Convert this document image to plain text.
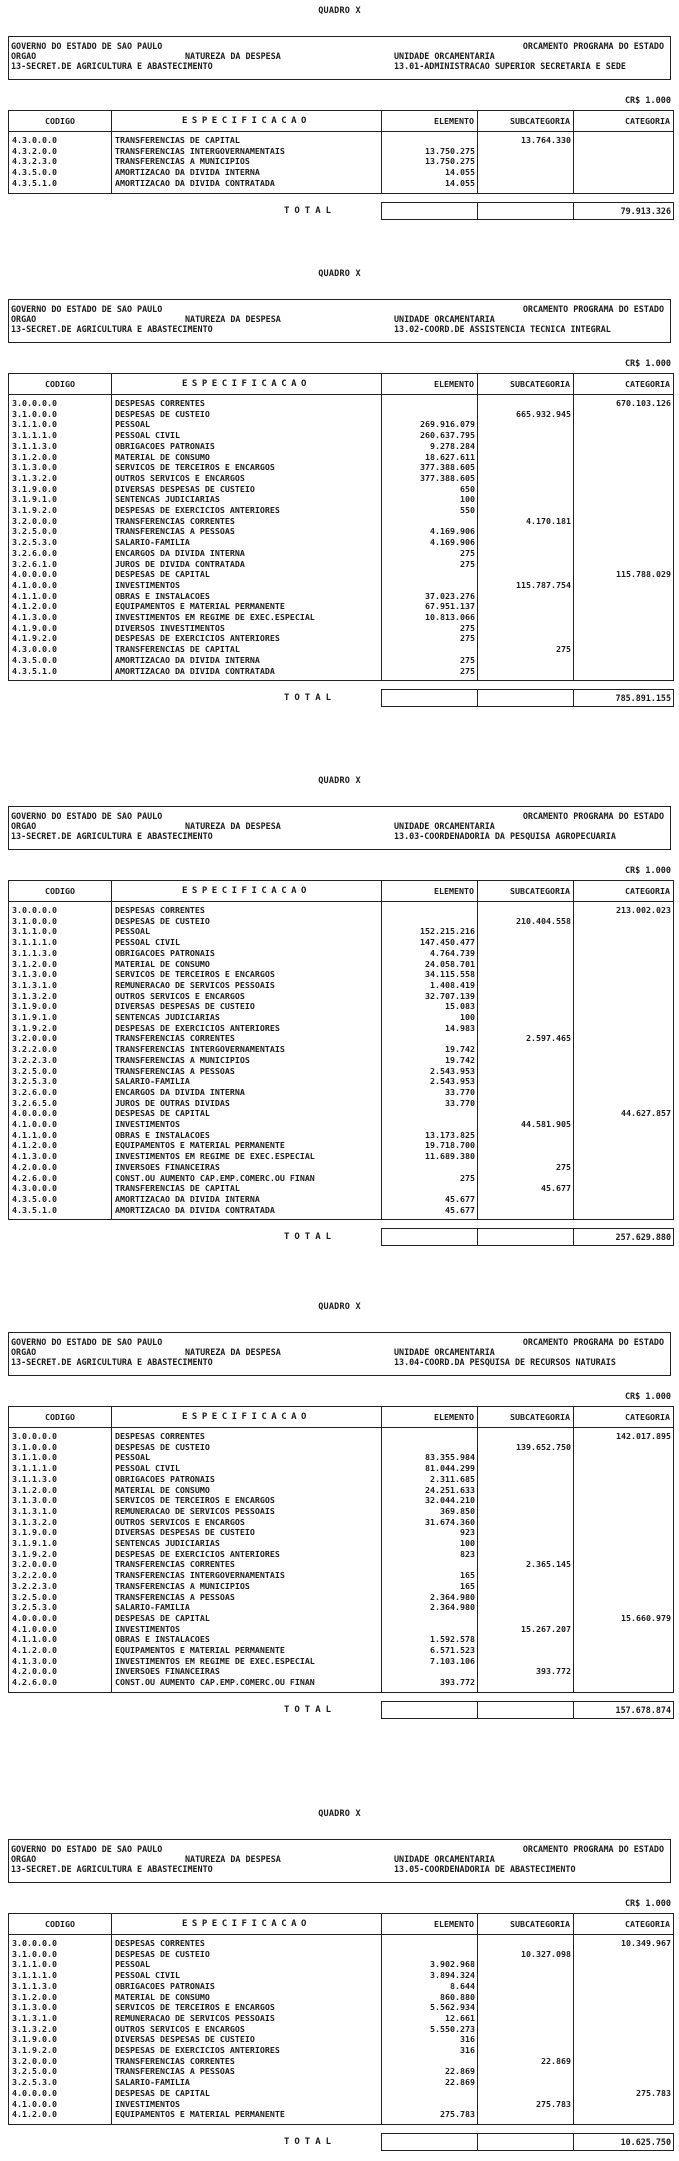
QUADRO X
GOVERNO DO ESTADO DE SAO PAULO	ORCAMENTO PROGRAMA DO ESTADO
ORGAO	NATUREZA DA DESPESA	UNIDADE ORCAMENTARIA
13-SECRET.DE AGRICULTURA E ABASTECIMENTO	13.01-ADMINISTRACAO SUPERIOR SECRETARIA E SEDE
CR$ 1.000
CODIGO	ESPECIFICACAO	ELEMENTO	SUBCATEGORIA	CATEGORIA
4.3.0.0.0	TRANSFERENCIAS DE CAPITAL		13.764.330	
4.3.2.0.0	TRANSFERENCIAS INTERGOVERNAMENTAIS	13.750.275		
4.3.2.3.0	TRANSFERENCIAS A MUNICIPIOS	13.750.275		
4.3.5.0.0	AMORTIZACAO DA DIVIDA INTERNA	14.055		
4.3.5.1.0	AMORTIZACAO DA DIVIDA CONTRATADA	14.055		
TOTAL
			79.913.326
QUADRO X
GOVERNO DO ESTADO DE SAO PAULO	ORCAMENTO PROGRAMA DO ESTADO
ORGAO	NATUREZA DA DESPESA	UNIDADE ORCAMENTARIA
13-SECRET.DE AGRICULTURA E ABASTECIMENTO	13.02-COORD.DE ASSISTENCIA TECNICA INTEGRAL
CR$ 1.000
CODIGO	ESPECIFICACAO	ELEMENTO	SUBCATEGORIA	CATEGORIA
3.0.0.0.0	DESPESAS CORRENTES			670.103.126
3.1.0.0.0	DESPESAS DE CUSTEIO		665.932.945	
3.1.1.0.0	PESSOAL	269.916.079		
3.1.1.1.0	PESSOAL CIVIL	260.637.795		
3.1.1.3.0	OBRIGACOES PATRONAIS	9.278.284		
3.1.2.0.0	MATERIAL DE CONSUMO	18.627.611		
3.1.3.0.0	SERVICOS DE TERCEIROS E ENCARGOS	377.388.605		
3.1.3.2.0	OUTROS SERVICOS E ENCARGOS	377.388.605		
3.1.9.0.0	DIVERSAS DESPESAS DE CUSTEIO	650		
3.1.9.1.0	SENTENCAS JUDICIARIAS	100		
3.1.9.2.0	DESPESAS DE EXERCICIOS ANTERIORES	550		
3.2.0.0.0	TRANSFERENCIAS CORRENTES		4.170.181	
3.2.5.0.0	TRANSFERENCIAS A PESSOAS	4.169.906		
3.2.5.3.0	SALARIO-FAMILIA	4.169.906		
3.2.6.0.0	ENCARGOS DA DIVIDA INTERNA	275		
3.2.6.1.0	JUROS DE DIVIDA CONTRATADA	275		
4.0.0.0.0	DESPESAS DE CAPITAL			115.788.029
4.1.0.0.0	INVESTIMENTOS		115.787.754	
4.1.1.0.0	OBRAS E INSTALACOES	37.023.276		
4.1.2.0.0	EQUIPAMENTOS E MATERIAL PERMANENTE	67.951.137		
4.1.3.0.0	INVESTIMENTOS EM REGIME DE EXEC.ESPECIAL	10.813.066		
4.1.9.0.0	DIVERSOS INVESTIMENTOS	275		
4.1.9.2.0	DESPESAS DE EXERCICIOS ANTERIORES	275		
4.3.0.0.0	TRANSFERENCIAS DE CAPITAL		275	
4.3.5.0.0	AMORTIZACAO DA DIVIDA INTERNA	275		
4.3.5.1.0	AMORTIZACAO DA DIVIDA CONTRATADA	275		
TOTAL
			785.891.155
QUADRO X
GOVERNO DO ESTADO DE SAO PAULO	ORCAMENTO PROGRAMA DO ESTADO
ORGAO	NATUREZA DA DESPESA	UNIDADE ORCAMENTARIA
13-SECRET.DE AGRICULTURA E ABASTECIMENTO	13.03-COORDENADORIA DA PESQUISA AGROPECUARIA
CR$ 1.000
CODIGO	ESPECIFICACAO	ELEMENTO	SUBCATEGORIA	CATEGORIA
3.0.0.0.0	DESPESAS CORRENTES			213.002.023
3.1.0.0.0	DESPESAS DE CUSTEIO		210.404.558	
3.1.1.0.0	PESSOAL	152.215.216		
3.1.1.1.0	PESSOAL CIVIL	147.450.477		
3.1.1.3.0	OBRIGACOES PATRONAIS	4.764.739		
3.1.2.0.0	MATERIAL DE CONSUMO	24.058.701		
3.1.3.0.0	SERVICOS DE TERCEIROS E ENCARGOS	34.115.558		
3.1.3.1.0	REMUNERACAO DE SERVICOS PESSOAIS	1.408.419		
3.1.3.2.0	OUTROS SERVICOS E ENCARGOS	32.707.139		
3.1.9.0.0	DIVERSAS DESPESAS DE CUSTEIO	15.083		
3.1.9.1.0	SENTENCAS JUDICIARIAS	100		
3.1.9.2.0	DESPESAS DE EXERCICIOS ANTERIORES	14.983		
3.2.0.0.0	TRANSFERENCIAS CORRENTES		2.597.465	
3.2.2.0.0	TRANSFERENCIAS INTERGOVERNAMENTAIS	19.742		
3.2.2.3.0	TRANSFERENCIAS A MUNICIPIOS	19.742		
3.2.5.0.0	TRANSFERENCIAS A PESSOAS	2.543.953		
3.2.5.3.0	SALARIO-FAMILIA	2.543.953		
3.2.6.0.0	ENCARGOS DA DIVIDA INTERNA	33.770		
3.2.6.5.0	JUROS DE OUTRAS DIVIDAS	33.770		
4.0.0.0.0	DESPESAS DE CAPITAL			44.627.857
4.1.0.0.0	INVESTIMENTOS		44.581.905	
4.1.1.0.0	OBRAS E INSTALACOES	13.173.825		
4.1.2.0.0	EQUIPAMENTOS E MATERIAL PERMANENTE	19.718.700		
4.1.3.0.0	INVESTIMENTOS EM REGIME DE EXEC.ESPECIAL	11.689.380		
4.2.0.0.0	INVERSOES FINANCEIRAS		275	
4.2.6.0.0	CONST.OU AUMENTO CAP.EMP.COMERC.OU FINAN	275		
4.3.0.0.0	TRANSFERENCIAS DE CAPITAL		45.677	
4.3.5.0.0	AMORTIZACAO DA DIVIDA INTERNA	45.677		
4.3.5.1.0	AMORTIZACAO DA DIVIDA CONTRATADA	45.677		
TOTAL
			257.629.880
QUADRO X
GOVERNO DO ESTADO DE SAO PAULO	ORCAMENTO PROGRAMA DO ESTADO
ORGAO	NATUREZA DA DESPESA	UNIDADE ORCAMENTARIA
13-SECRET.DE AGRICULTURA E ABASTECIMENTO	13.04-COORD.DA PESQUISA DE RECURSOS NATURAIS
CR$ 1.000
CODIGO	ESPECIFICACAO	ELEMENTO	SUBCATEGORIA	CATEGORIA
3.0.0.0.0	DESPESAS CORRENTES			142.017.895
3.1.0.0.0	DESPESAS DE CUSTEIO		139.652.750	
3.1.1.0.0	PESSOAL	83.355.984		
3.1.1.1.0	PESSOAL CIVIL	81.044.299		
3.1.1.3.0	OBRIGACOES PATRONAIS	2.311.685		
3.1.2.0.0	MATERIAL DE CONSUMO	24.251.633		
3.1.3.0.0	SERVICOS DE TERCEIROS E ENCARGOS	32.044.210		
3.1.3.1.0	REMUNERACAO DE SERVICOS PESSOAIS	369.850		
3.1.3.2.0	OUTROS SERVICOS E ENCARGOS	31.674.360		
3.1.9.0.0	DIVERSAS DESPESAS DE CUSTEIO	923		
3.1.9.1.0	SENTENCAS JUDICIARIAS	100		
3.1.9.2.0	DESPESAS DE EXERCICIOS ANTERIORES	823		
3.2.0.0.0	TRANSFERENCIAS CORRENTES		2.365.145	
3.2.2.0.0	TRANSFERENCIAS INTERGOVERNAMENTAIS	165		
3.2.2.3.0	TRANSFERENCIAS A MUNICIPIOS	165		
3.2.5.0.0	TRANSFERENCIAS A PESSOAS	2.364.980		
3.2.5.3.0	SALARIO-FAMILIA	2.364.980		
4.0.0.0.0	DESPESAS DE CAPITAL			15.660.979
4.1.0.0.0	INVESTIMENTOS		15.267.207	
4.1.1.0.0	OBRAS E INSTALACOES	1.592.578		
4.1.2.0.0	EQUIPAMENTOS E MATERIAL PERMANENTE	6.571.523		
4.1.3.0.0	INVESTIMENTOS EM REGIME DE EXEC.ESPECIAL	7.103.106		
4.2.0.0.0	INVERSOES FINANCEIRAS		393.772	
4.2.6.0.0	CONST.OU AUMENTO CAP.EMP.COMERC.OU FINAN	393.772		
TOTAL
			157.678.874
QUADRO X
GOVERNO DO ESTADO DE SAO PAULO	ORCAMENTO PROGRAMA DO ESTADO
ORGAO	NATUREZA DA DESPESA	UNIDADE ORCAMENTARIA
13-SECRET.DE AGRICULTURA E ABASTECIMENTO	13.05-COORDENADORIA DE ABASTECIMENTO
CR$ 1.000
CODIGO	ESPECIFICACAO	ELEMENTO	SUBCATEGORIA	CATEGORIA
3.0.0.0.0	DESPESAS CORRENTES			10.349.967
3.1.0.0.0	DESPESAS DE CUSTEIO		10.327.098	
3.1.1.0.0	PESSOAL	3.902.968		
3.1.1.1.0	PESSOAL CIVIL	3.894.324		
3.1.1.3.0	OBRIGACOES PATRONAIS	8.644		
3.1.2.0.0	MATERIAL DE CONSUMO	860.880		
3.1.3.0.0	SERVICOS DE TERCEIROS E ENCARGOS	5.562.934		
3.1.3.1.0	REMUNERACAO DE SERVICOS PESSOAIS	12.661		
3.1.3.2.0	OUTROS SERVICOS E ENCARGOS	5.550.273		
3.1.9.0.0	DIVERSAS DESPESAS DE CUSTEIO	316		
3.1.9.2.0	DESPESAS DE EXERCICIOS ANTERIORES	316		
3.2.0.0.0	TRANSFERENCIAS CORRENTES		22.869	
3.2.5.0.0	TRANSFERENCIAS A PESSOAS	22.869		
3.2.5.3.0	SALARIO-FAMILIA	22.869		
4.0.0.0.0	DESPESAS DE CAPITAL			275.783
4.1.0.0.0	INVESTIMENTOS		275.783	
4.1.2.0.0	EQUIPAMENTOS E MATERIAL PERMANENTE	275.783		
TOTAL
			10.625.750
